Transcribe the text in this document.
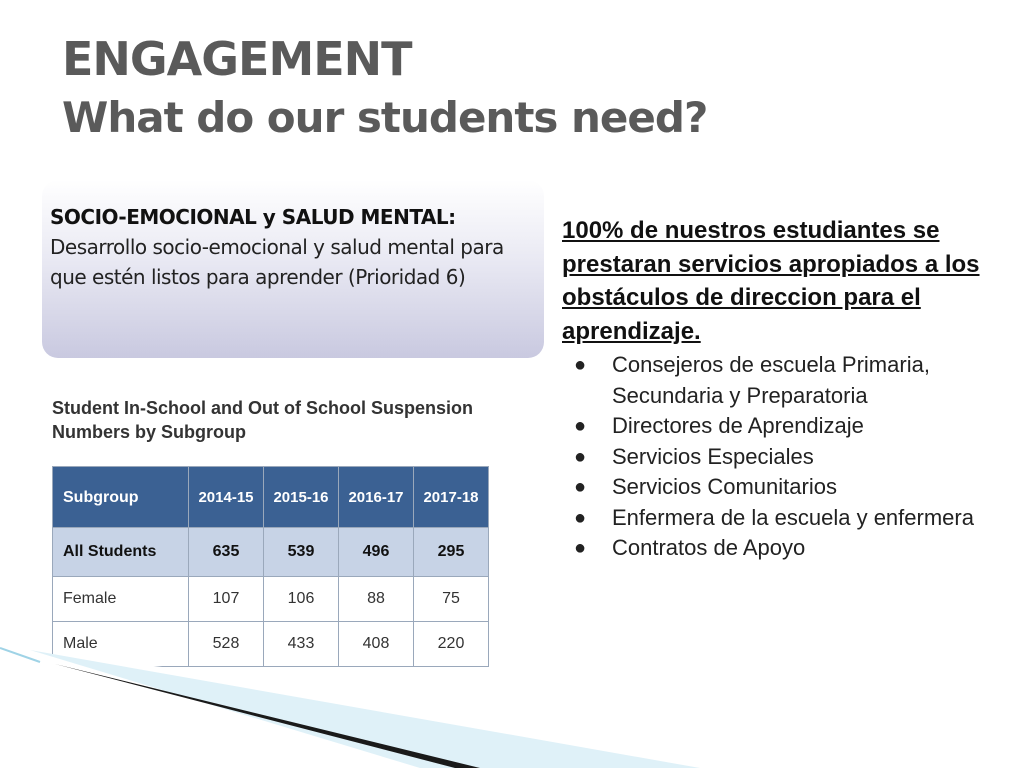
ENGAGEMENT
What do our students need?
SOCIO-EMOCIONAL y SALUD MENTAL:
Desarrollo socio-emocional y salud mental para que estén listos para aprender (Prioridad 6)
Student In-School and Out of School Suspension Numbers by Subgroup
Subgroup	2014-15	2015-16	2016-17	2017-18
All Students	635	539	496	295
Female	107	106	88	75
Male	528	433	408	220
100% de nuestros estudiantes se prestaran servicios apropiados a los obstáculos de direccion para el aprendizaje.
● Consejeros de escuela Primaria, Secundaria y Preparatoria
● Directores de Aprendizaje
● Servicios Especiales
● Servicios Comunitarios
● Enfermera de la escuela y enfermera
● Contratos de Apoyo
